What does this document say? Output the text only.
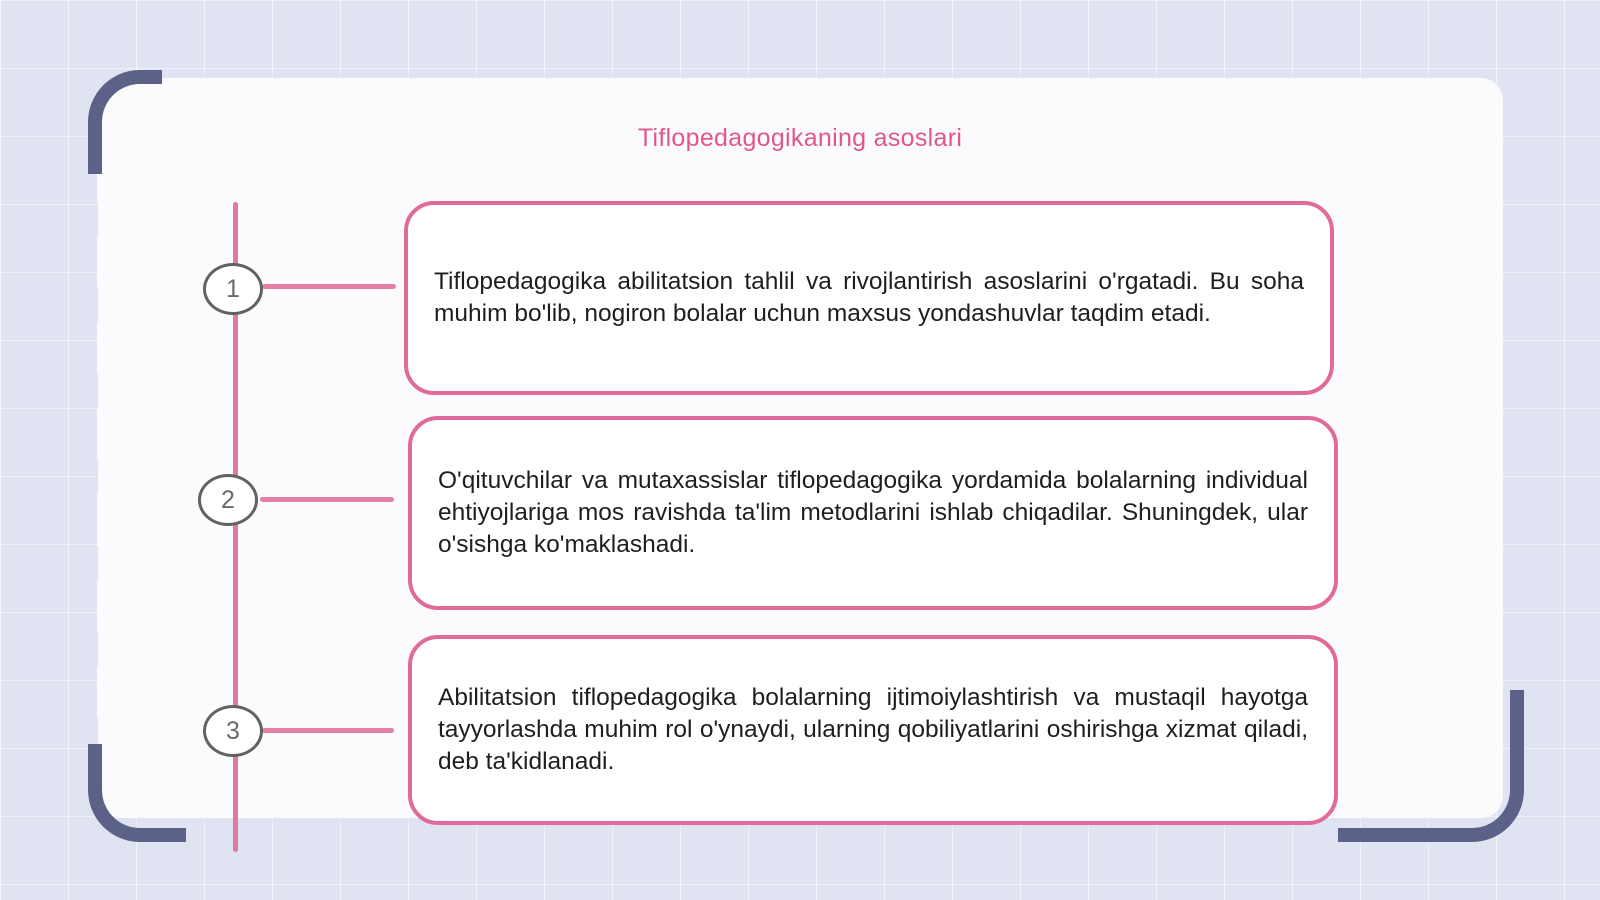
Tiflopedagogikaning asoslari
1	Tiflopedagogika abilitatsion tahlil va rivojlantirish asoslarini o'rgatadi. Bu soha muhim bo'lib, nogiron bolalar uchun maxsus yondashuvlar taqdim etadi.
2
O'qituvchilar va mutaxassislar tiflopedagogika yordamida bolalarning individual ehtiyojlariga mos ravishda ta'lim metodlarini ishlab chiqadilar. Shuningdek, ular o'sishga ko'maklashadi.
3
Abilitatsion tiflopedagogika bolalarning ijtimoiylashtirish va mustaqil hayotga tayyorlashda muhim rol o'ynaydi, ularning qobiliyatlarini oshirishga xizmat qiladi, deb ta'kidlanadi.
